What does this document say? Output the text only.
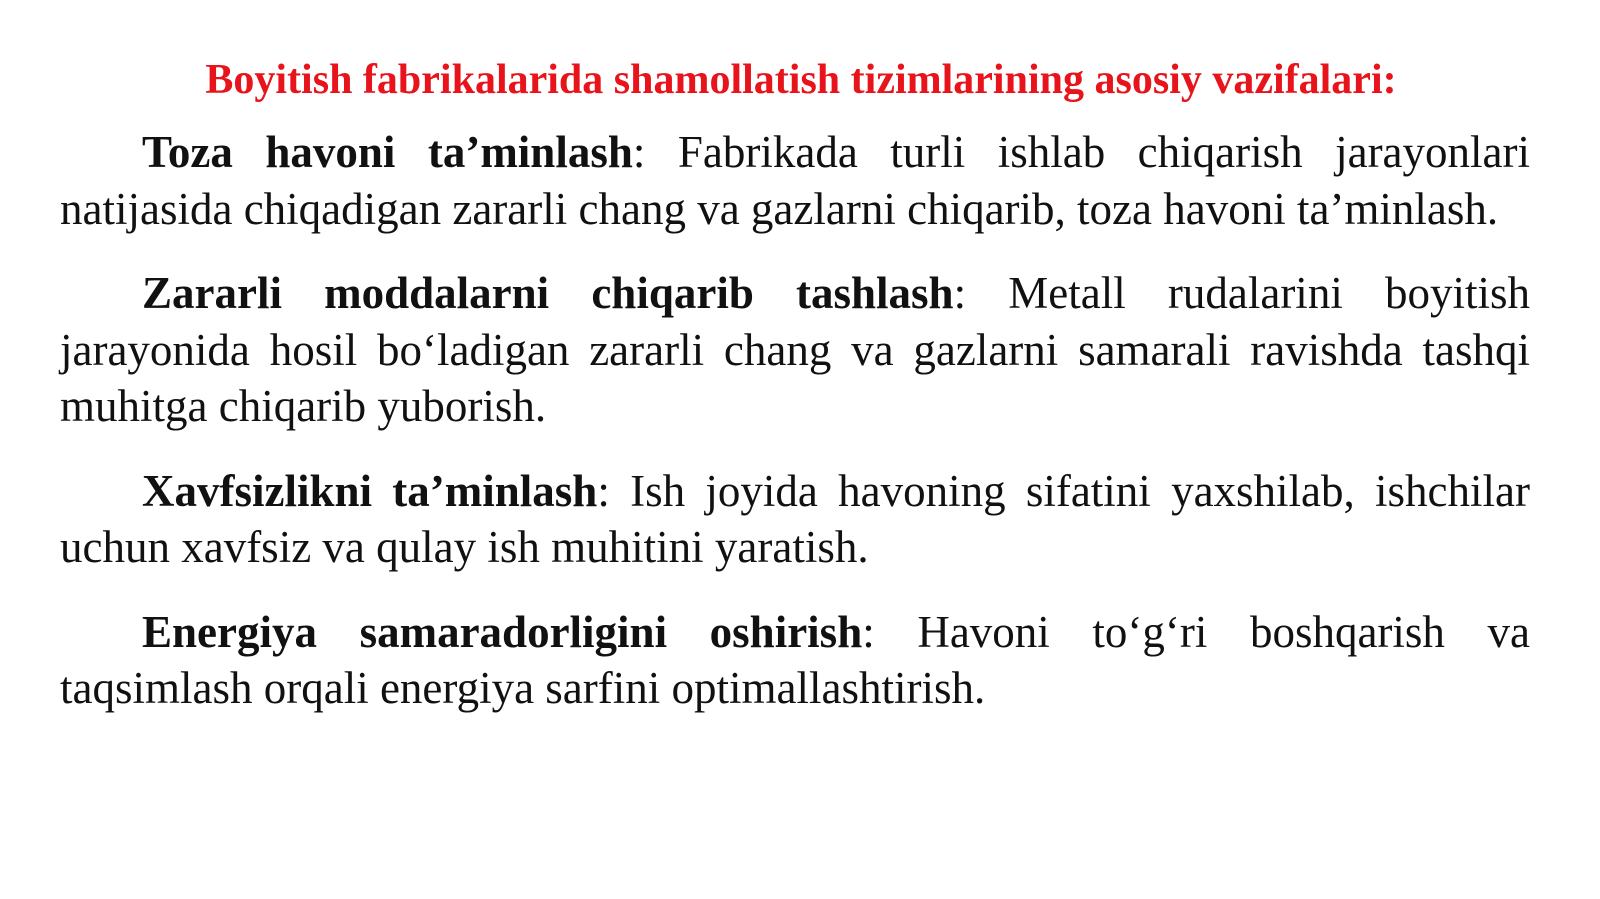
Boyitish fabrikalarida shamollatish tizimlarining asosiy vazifalari:

Toza havoni ta’minlash: Fabrikada turli ishlab chiqarish jarayonlari natijasida chiqadigan zararli chang va gazlarni chiqarib, toza havoni ta’minlash.

Zararli moddalarni chiqarib tashlash: Metall rudalarini boyitish jarayonida hosil bo‘ladigan zararli chang va gazlarni samarali ravishda tashqi muhitga chiqarib yuborish.

Xavfsizlikni ta’minlash: Ish joyida havoning sifatini yaxshilab, ishchilar uchun xavfsiz va qulay ish muhitini yaratish.

Energiya samaradorligini oshirish: Havoni to‘g‘ri boshqarish va taqsimlash orqali energiya sarfini optimallashtirish.
